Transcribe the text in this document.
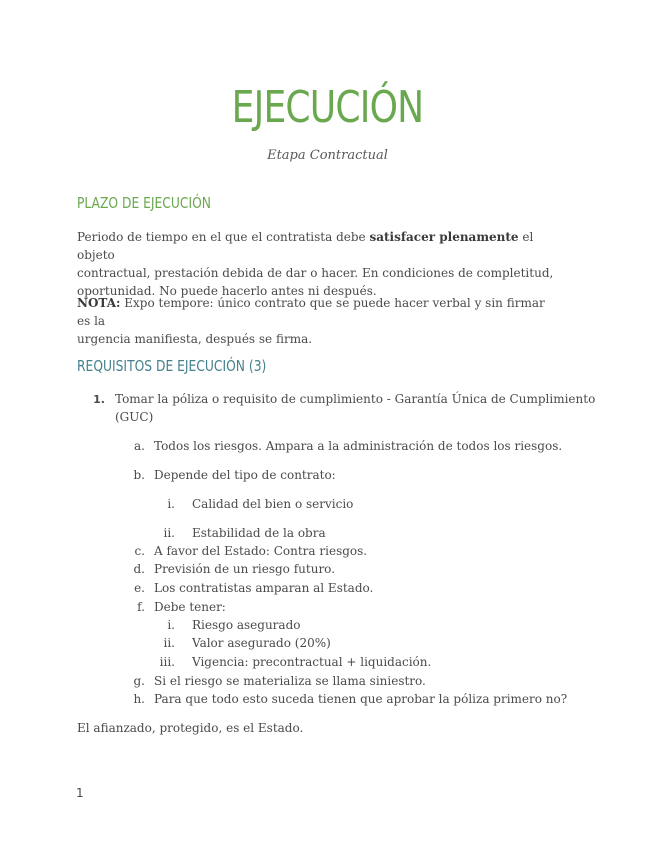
EJECUCIÓN
Etapa Contractual
PLAZO DE EJECUCIÓN
Periodo de tiempo en el que el contratista debe satisfacer plenamente el objeto
contractual, prestación debida de dar o hacer. En condiciones de completitud,
oportunidad. No puede hacerlo antes ni después.
NOTA: Expo tempore: único contrato que se puede hacer verbal y sin firmar es la
urgencia manifiesta, después se firma.
REQUISITOS DE EJECUCIÓN (3)
1. Tomar la póliza o requisito de cumplimiento - Garantía Única de Cumplimiento
(GUC)
a. Todos los riesgos. Ampara a la administración de todos los riesgos.
b. Depende del tipo de contrato:
i. Calidad del bien o servicio
ii. Estabilidad de la obra
c. A favor del Estado: Contra riesgos.
d. Previsión de un riesgo futuro.
e. Los contratistas amparan al Estado.
f. Debe tener:
i. Riesgo asegurado
ii. Valor asegurado (20%)
iii. Vigencia: precontractual + liquidación.
g. Si el riesgo se materializa se llama siniestro.
h. Para que todo esto suceda tienen que aprobar la póliza primero no?
El afianzado, protegido, es el Estado.
1
